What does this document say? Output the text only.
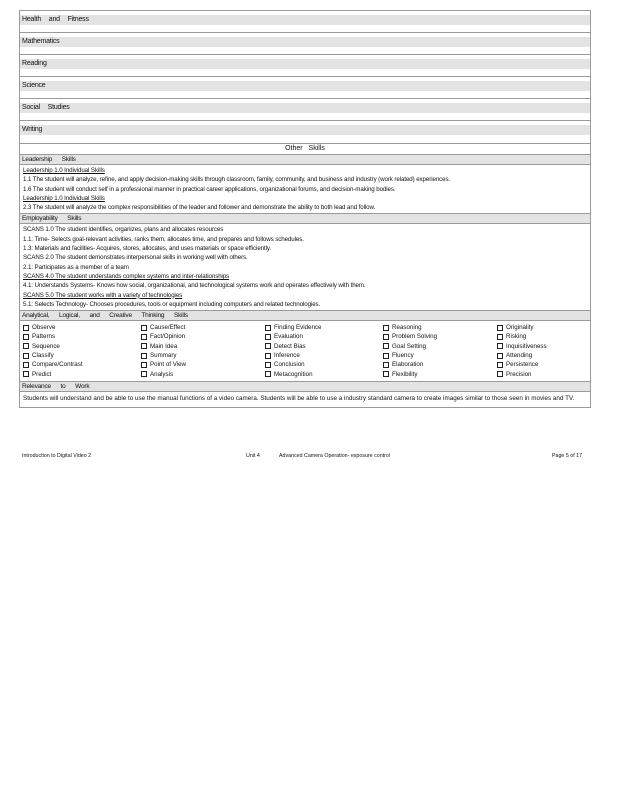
Health and Fitness
Mathematics
Reading
Science
Social Studies
Writing
Other Skills
Leadership Skills
Leadership 1.0 Individual Skills
1.1 The student will analyze, refine, and apply decision-making skills through classroom, family, community, and business and industry (work related) experiences.
1.6 The student will conduct self in a professional manner in practical career applications, organizational forums, and decision-making bodies.
Leadership 1.0 Individual Skills
2.3 The student will analyze the complex responsibilities of the leader and follower and demonstrate the ability to both lead and follow.
Employability Skills
SCANS 1.0 The student identifies, organizes, plans and allocates resources
1.1: Time- Selects goal-relevant activities, ranks them, allocates time, and prepares and follows schedules.
1.3: Materials and facilities- Acquires, stores, allocates, and uses materials or space efficiently.
SCANS 2.0 The student demonstrates interpersonal skills in working well with others.
2.1: Participates as a member of a team
SCANS 4.0 The student understands complex systems and inter-relationships
4.1: Understands Systems- Knows how social, organizational, and technological systems work and operates effectively with them.
SCANS 5.0 The student works with a variety of technologies
5.1: Selects Technology- Chooses procedures, tools or equipment including computers and related technologies.
Analytical, Logical, and Creative Thinking Skills
Observe	Cause/Effect	Finding Evidence	Reasoning	Originality
Patterns	Fact/Opinion	Evaluation	Problem Solving	Risking
Sequence	Main Idea	Detect Bias	Goal Setting	Inquisitiveness
Classify	Summary	Inference	Fluency	Attending
Compare/Contrast	Point of View	Conclusion	Elaboration	Persistence
Predict	Analysis	Metacognition	Flexibility	Precision
Relevance to Work
Students will understand and be able to use the manual functions of a video camera. Students will be able to use a industry standard camera to create images similar to those seen in movies and TV.
Introduction to Digital Video 2	Unit 4	Advanced Camera Operation- exposure control	Page 5 of 17
